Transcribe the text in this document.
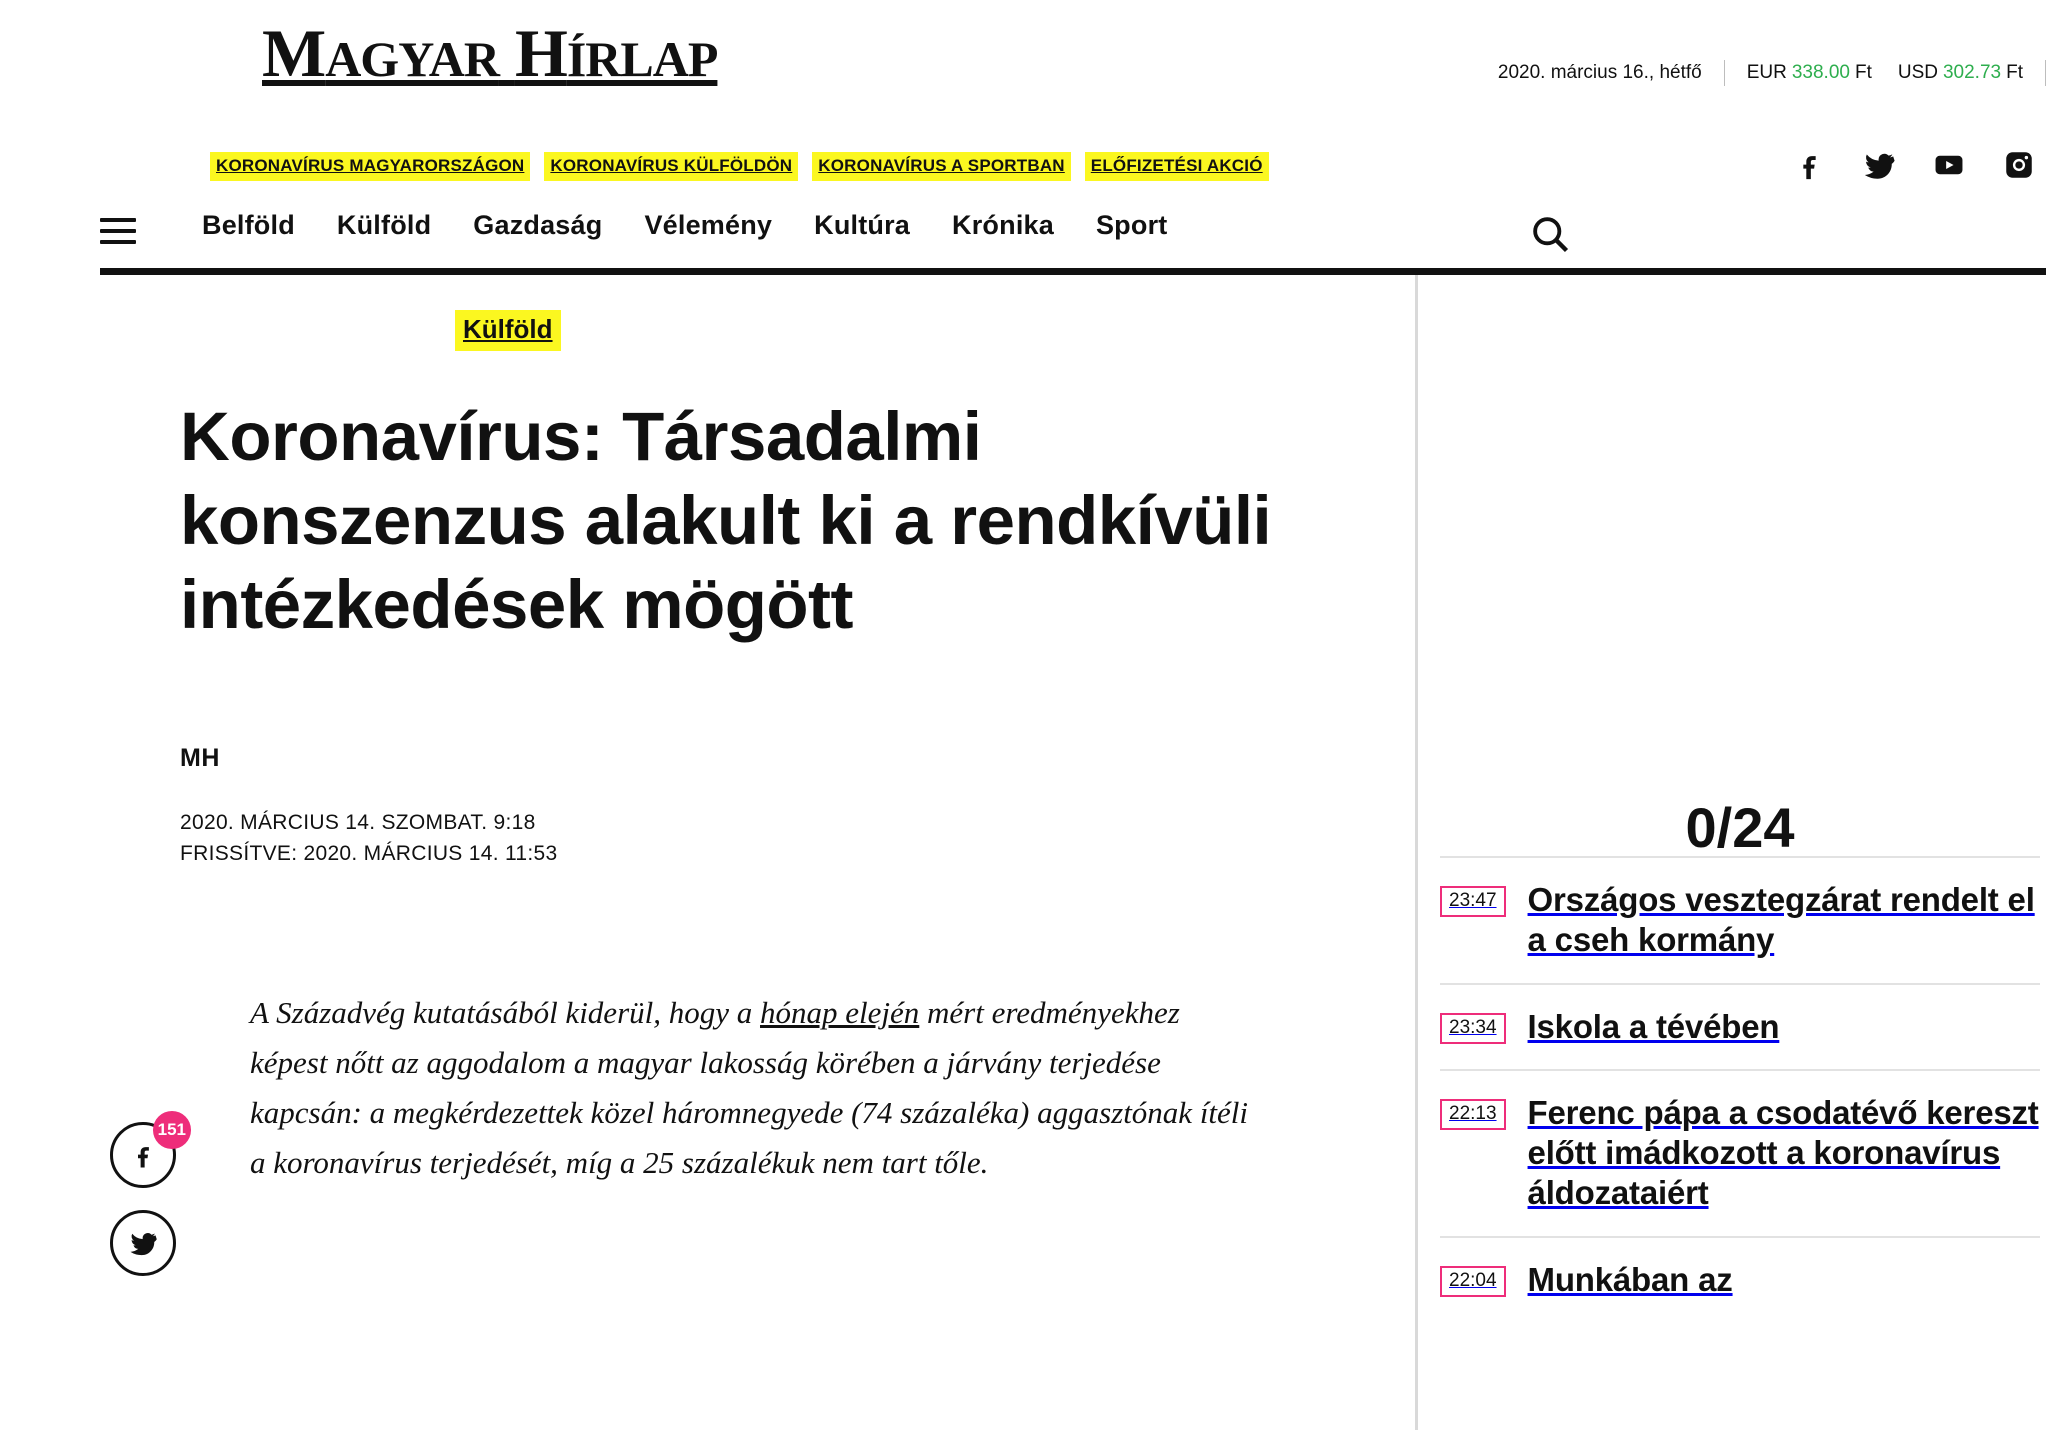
MAGYAR HÍRLAP	2020. március 16., hétfő EUR 338.00 Ft USD 302.73 Ft
KORONAVÍRUS MAGYARORSZÁGON	KORONAVÍRUS KÜLFÖLDÖN	KORONAVÍRUS A SPORTBAN	ELŐFIZETÉSI AKCIÓ
Belföld Külföld Gazdaság Vélemény Kultúra Krónika Sport
Külföld
Koronavírus: Társadalmi konszenzus alakult ki a rendkívüli intézkedések mögött
MH
2020. MÁRCIUS 14. SZOMBAT. 9:18
FRISSÍTVE: 2020. MÁRCIUS 14. 11:53

A Századvég kutatásából kiderül, hogy a hónap elején mért eredményekhez képest nőtt az aggodalom a magyar lakosság körében a járvány terjedése kapcsán: a megkérdezettek közel háromnegyede (74 százaléka) aggasztónak ítéli a koronavírus terjedését, míg a 25 százalékuk nem tart tőle.

151
0/24
23:47 Országos vesztegzárat rendelt el a cseh kormány
23:34 Iskola a tévében
22:13 Ferenc pápa a csodatévő kereszt előtt imádkozott a koronavírus áldozataiért
22:04 Munkában az
